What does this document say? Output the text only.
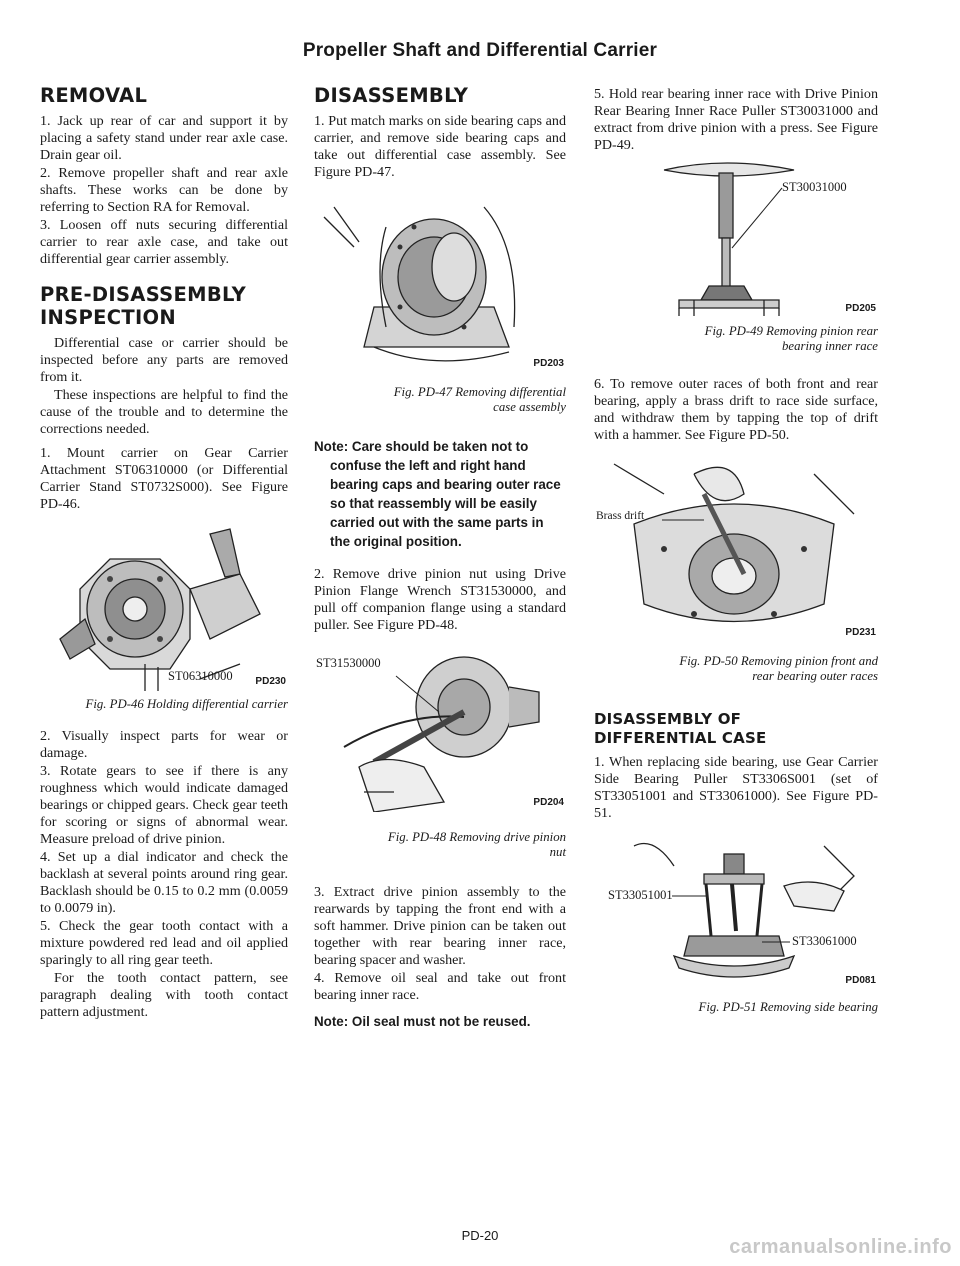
Propeller Shaft and Differential Carrier
REMOVAL

1. Jack up rear of car and support it by placing a safety stand under rear axle case. Drain gear oil.

2. Remove propeller shaft and rear axle shafts. These works can be done by referring to Section RA for Removal.

3. Loosen off nuts securing differential carrier to rear axle case, and take out differential gear carrier assembly.

PRE-DISASSEMBLY
INSPECTION

Differential case or carrier should be inspected before any parts are removed from it.

These inspections are helpful to find the cause of the trouble and to determine the corrections needed.

1. Mount carrier on Gear Carrier Attachment ST06310000 (or Differential Carrier Stand ST0732S000). See Figure PD-46.

ST06310000 PD230
Fig. PD-46 Holding differential carrier

2. Visually inspect parts for wear or damage.

3. Rotate gears to see if there is any roughness which would indicate damaged bearings or chipped gears. Check gear teeth for scoring or signs of abnormal wear. Measure preload of drive pinion.

4. Set up a dial indicator and check the backlash at several points around ring gear. Backlash should be 0.15 to 0.2 mm (0.0059 to 0.0079 in).

5. Check the gear tooth contact with a mixture powdered red lead and oil applied sparingly to all ring gear teeth.

For the tooth contact pattern, see paragraph dealing with tooth contact pattern adjustment.

DISASSEMBLY

1. Put match marks on side bearing caps and carrier, and remove side bearing caps and take out differential case assembly. See Figure PD-47.

PD203
Fig. PD-47 Removing differential
case assembly

Note: Care should be taken not to confuse the left and right hand bearing caps and bearing outer race so that reassembly will be easily carried out with the same parts in the original position.

2. Remove drive pinion nut using Drive Pinion Flange Wrench ST31530000, and pull off companion flange using a standard puller. See Figure PD-48.

ST31530000
PD204
Fig. PD-48 Removing drive pinion
nut

3. Extract drive pinion assembly to the rearwards by tapping the front end with a soft hammer. Drive pinion can be taken out together with rear bearing inner race, bearing spacer and washer.

4. Remove oil seal and take out front bearing inner race.

Note: Oil seal must not be reused.

5. Hold rear bearing inner race with Drive Pinion Rear Bearing Inner Race Puller ST30031000 and extract from drive pinion with a press. See Figure PD-49.

ST30031000
PD205
Fig. PD-49 Removing pinion rear
bearing inner race

6. To remove outer races of both front and rear bearing, apply a brass drift to race side surface, and withdraw them by tapping the top of drift with a hammer. See Figure PD-50.

Brass drift
PD231
Fig. PD-50 Removing pinion front and
rear bearing outer races
DISASSEMBLY OF
DIFFERENTIAL CASE

1. When replacing side bearing, use Gear Carrier Side Bearing Puller ST3306S001 (set of ST33051001 and ST33061000). See Figure PD-51.

ST33051001
ST33061000
PD081
Fig. PD-51 Removing side bearing
PD-20
carmanualsonline.info
